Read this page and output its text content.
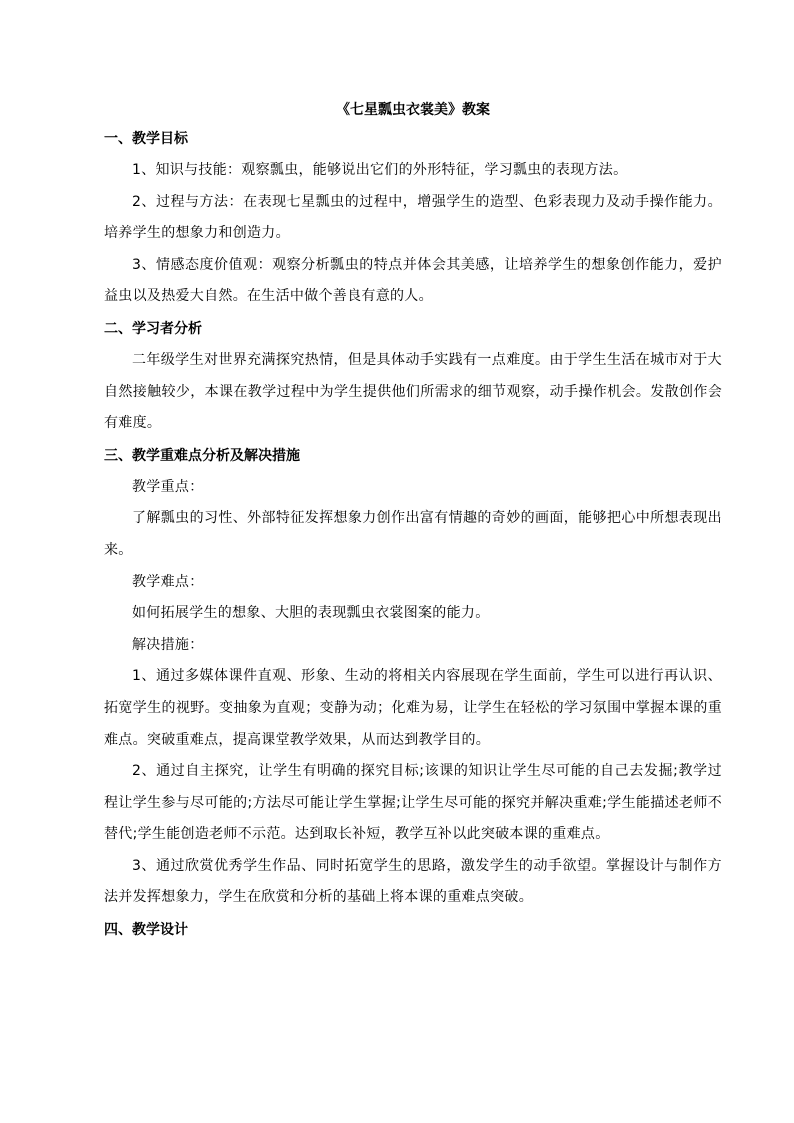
《七星瓢虫衣裳美》教案
一、教学目标

1、知识与技能：观察瓢虫，能够说出它们的外形特征，学习瓢虫的表现方法。

2、过程与方法：在表现七星瓢虫的过程中，增强学生的造型、色彩表现力及动手操作能力。培养学生的想象力和创造力。

3、情感态度价值观：观察分析瓢虫的特点并体会其美感，让培养学生的想象创作能力，爱护益虫以及热爱大自然。在生活中做个善良有意的人。

二、学习者分析

二年级学生对世界充满探究热情，但是具体动手实践有一点难度。由于学生生活在城市对于大自然接触较少，本课在教学过程中为学生提供他们所需求的细节观察，动手操作机会。发散创作会有难度。

三、教学重难点分析及解决措施

教学重点：

了解瓢虫的习性、外部特征发挥想象力创作出富有情趣的奇妙的画面，能够把心中所想表现出来。

教学难点：

如何拓展学生的想象、大胆的表现瓢虫衣裳图案的能力。

解决措施：

1、通过多媒体课件直观、形象、生动的将相关内容展现在学生面前，学生可以进行再认识、拓宽学生的视野。变抽象为直观；变静为动；化难为易，让学生在轻松的学习氛围中掌握本课的重难点。突破重难点，提高课堂教学效果，从而达到教学目的。

2、通过自主探究，让学生有明确的探究目标;该课的知识让学生尽可能的自己去发掘;教学过程让学生参与尽可能的;方法尽可能让学生掌握;让学生尽可能的探究并解决重难;学生能描述老师不替代;学生能创造老师不示范。达到取长补短，教学互补以此突破本课的重难点。

3、通过欣赏优秀学生作品、同时拓宽学生的思路，激发学生的动手欲望。掌握设计与制作方法并发挥想象力，学生在欣赏和分析的基础上将本课的重难点突破。

四、教学设计
